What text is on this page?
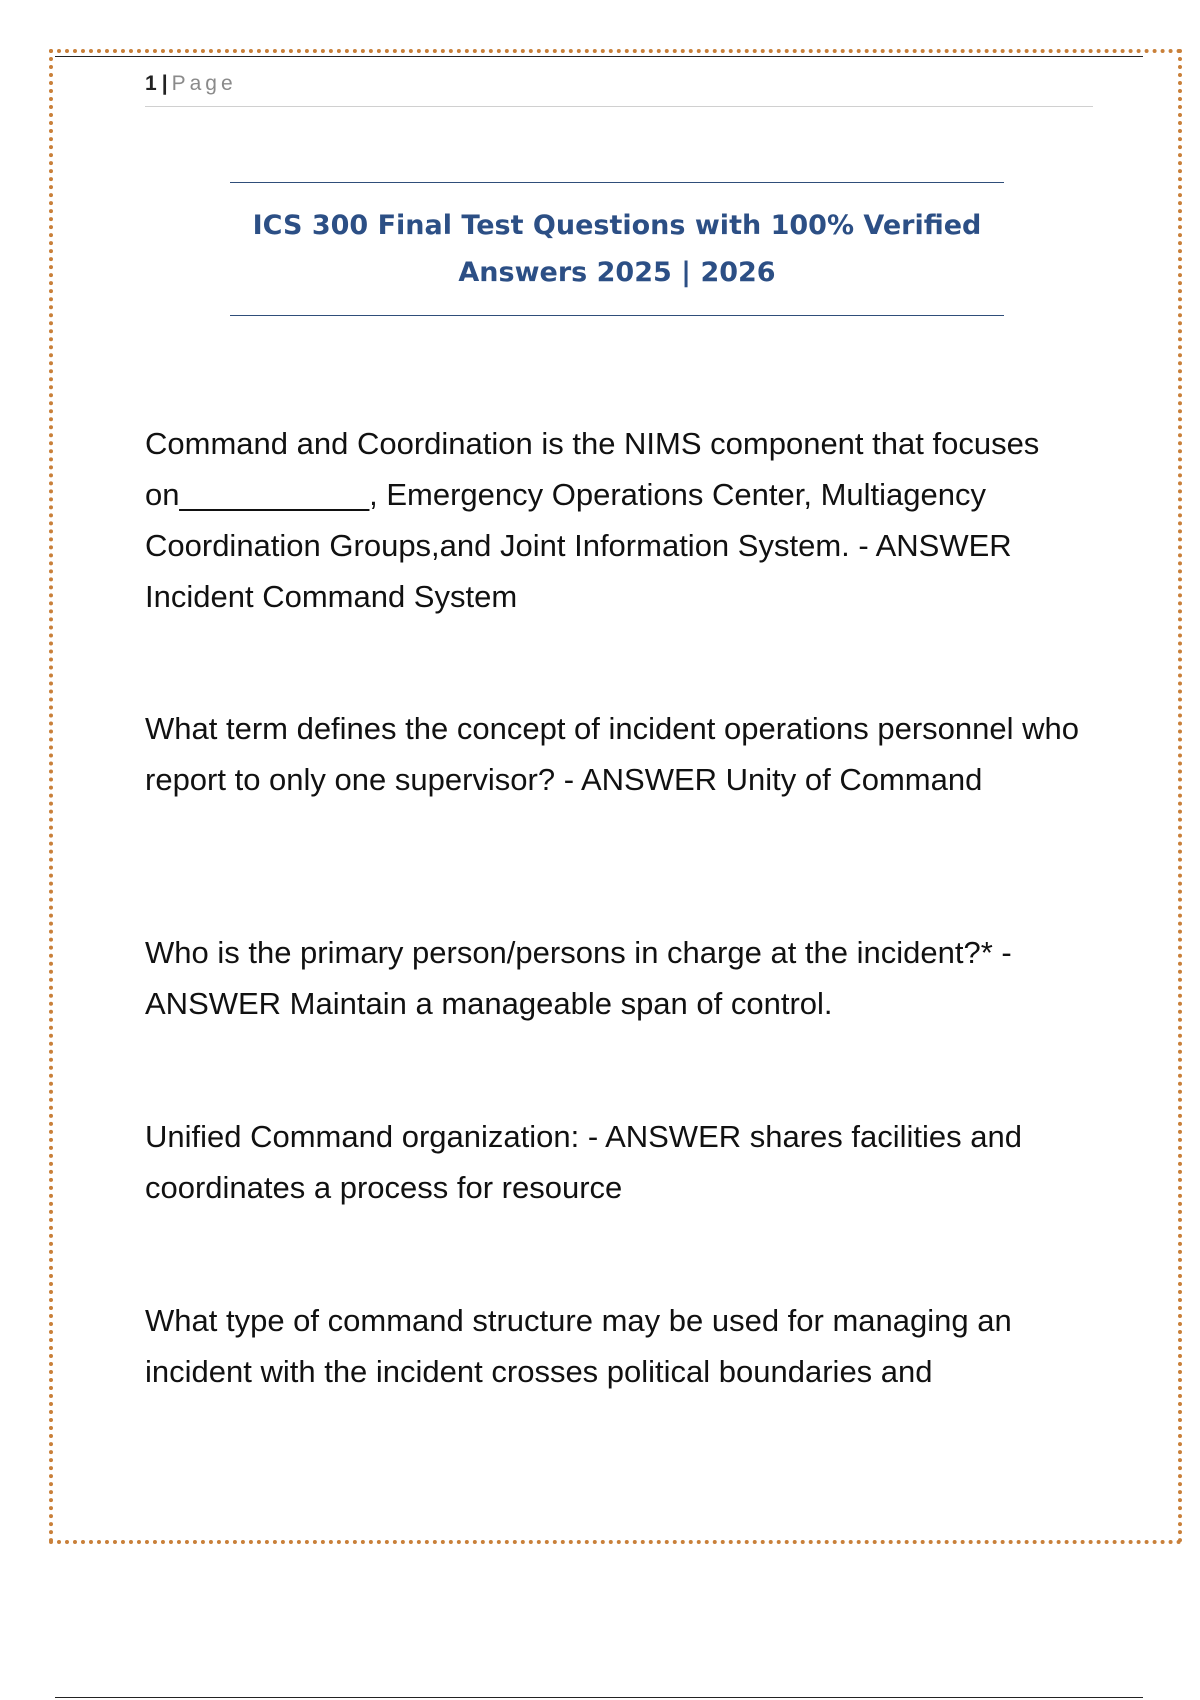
1 | Page
ICS 300 Final Test Questions with 100% Verified Answers 2025 | 2026

Command and Coordination is the NIMS component that focuses on___________, Emergency Operations Center, Multiagency Coordination Groups,and Joint Information System. - ANSWER Incident Command System

What term defines the concept of incident operations personnel who report to only one supervisor? - ANSWER Unity of Command

Who is the primary person/persons in charge at the incident?* - ANSWER Maintain a manageable span of control.

Unified Command organization: - ANSWER shares facilities and coordinates a process for resource

What type of command structure may be used for managing an incident with the incident crosses political boundaries and
